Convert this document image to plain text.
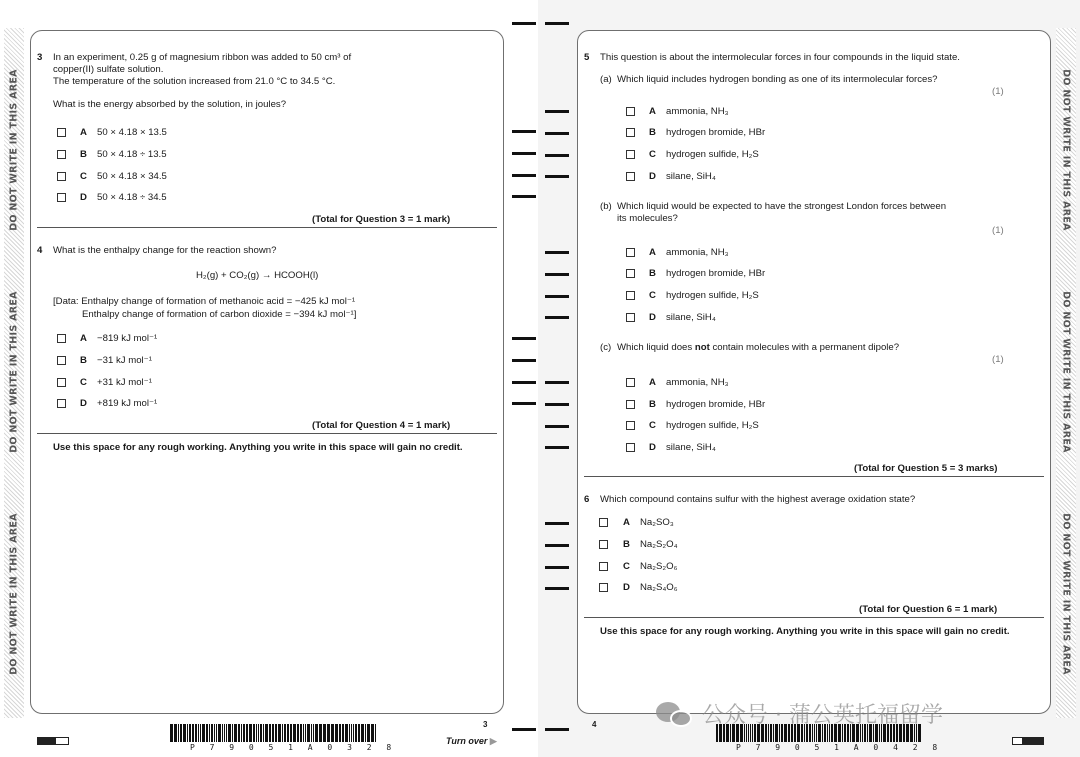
DO NOT WRITE IN THIS AREA
DO NOT WRITE IN THIS AREA
DO NOT WRITE IN THIS AREA
3 In an experiment, 0.25 g of magnesium ribbon was added to 50 cm³ of
copper(II) sulfate solution.
The temperature of the solution increased from 21.0 °C to 34.5 °C.
What is the energy absorbed by the solution, in joules?
A 50 × 4.18 × 13.5
B 50 × 4.18 ÷ 13.5
C 50 × 4.18 × 34.5
D 50 × 4.18 ÷ 34.5
(Total for Question 3 = 1 mark)
4 What is the enthalpy change for the reaction shown?
H₂(g) + CO₂(g) → HCOOH(l)
[Data: Enthalpy change of formation of methanoic acid = −425 kJ mol⁻¹
Enthalpy change of formation of carbon dioxide = −394 kJ mol⁻¹]
A −819 kJ mol⁻¹
B −31 kJ mol⁻¹
C +31 kJ mol⁻¹
D +819 kJ mol⁻¹
(Total for Question 4 = 1 mark)
Use this space for any rough working. Anything you write in this space will gain no credit.
P 7 9 0 5 1 A 0 3 2 8
3
Turn over ▶
DO NOT WRITE IN THIS AREA
DO NOT WRITE IN THIS AREA
DO NOT WRITE IN THIS AREA
5 This question is about the intermolecular forces in four compounds in the liquid state.
(a) Which liquid includes hydrogen bonding as one of its intermolecular forces?
(1)
A ammonia, NH₃
B hydrogen bromide, HBr
C hydrogen sulfide, H₂S
D silane, SiH₄
(b) Which liquid would be expected to have the strongest London forces between
its molecules?
(1)
A ammonia, NH₃
B hydrogen bromide, HBr
C hydrogen sulfide, H₂S
D silane, SiH₄
(c) Which liquid does not contain molecules with a permanent dipole?
(1)
A ammonia, NH₃
B hydrogen bromide, HBr
C hydrogen sulfide, H₂S
D silane, SiH₄
(Total for Question 5 = 3 marks)
6 Which compound contains sulfur with the highest average oxidation state?
A Na₂SO₃
B Na₂S₂O₄
C Na₂S₂O₆
D Na₂S₄O₆
(Total for Question 6 = 1 mark)
Use this space for any rough working. Anything you write in this space will gain no credit.
4
P 7 9 0 5 1 A 0 4 2 8
公众号 · 蒲公英托福留学
